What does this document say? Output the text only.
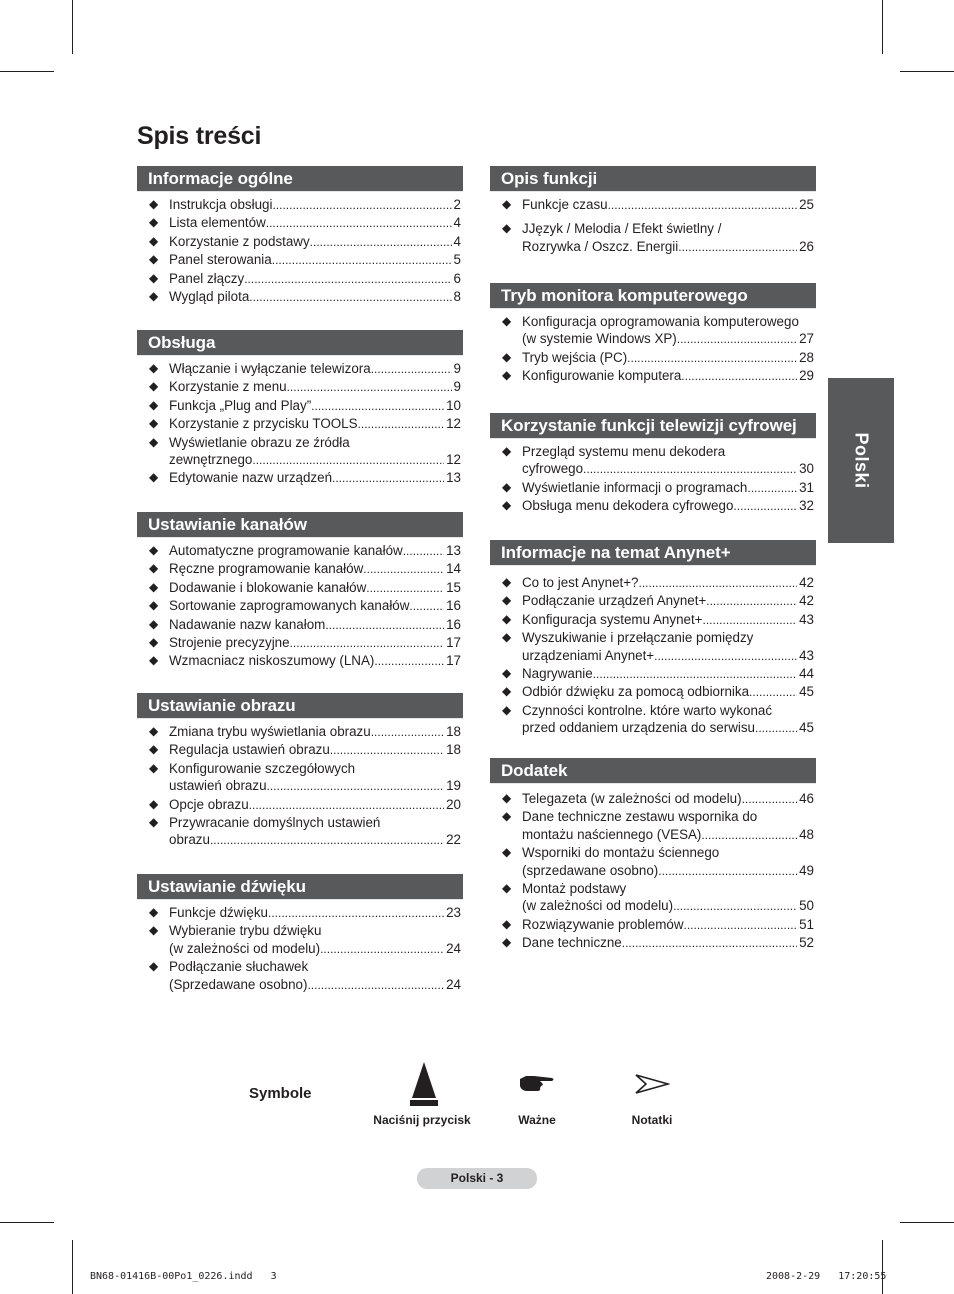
Spis treści
Polski
Informacje ogólne
◆ Instrukcja obsługi .....	2
◆ Lista elementów .....	4
◆ Korzystanie z podstawy .....	4
◆ Panel sterowania .....	5
◆ Panel złączy .....	6
◆ Wygląd pilota .....	8
Obsługa
◆ Włączanie i wyłączanie telewizora .....	9
◆ Korzystanie z menu .....	9
◆ Funkcja „Plug and Play” .....	10
◆ Korzystanie z przycisku TOOLS .....	12
◆ Wyświetlanie obrazu ze źródła
zewnętrznego .....	12
◆ Edytowanie nazw urządzeń .....	13
Ustawianie kanałów
◆ Automatyczne programowanie kanałów .....	13
◆ Ręczne programowanie kanałów .....	14
◆ Dodawanie i blokowanie kanałów .....	15
◆ Sortowanie zaprogramowanych kanałów .....	16
◆ Nadawanie nazw kanałom .....	16
◆ Strojenie precyzyjne .....	17
◆ Wzmacniacz niskoszumowy (LNA) .....	17
Ustawianie obrazu
◆ Zmiana trybu wyświetlania obrazu .....	18
◆ Regulacja ustawień obrazu .....	18
◆ Konfigurowanie szczegółowych
ustawień obrazu .....	19
◆ Opcje obrazu .....	20
◆ Przywracanie domyślnych ustawień
obrazu .....	22
Ustawianie dźwięku
◆ Funkcje dźwięku .....	23
◆ Wybieranie trybu dźwięku
(w zależności od modelu) .....	24
◆ Podłączanie słuchawek
(Sprzedawane osobno) .....	24
Opis funkcji
◆ Funkcje czasu .....	25
◆ JJęzyk / Melodia / Efekt świetlny /
Rozrywka / Oszcz. Energii .....	26
Tryb monitora komputerowego
◆ Konfiguracja oprogramowania komputerowego
(w systemie Windows XP) .....	27
◆ Tryb wejścia (PC) .....	28
◆ Konfigurowanie komputera .....	29
Korzystanie funkcji telewizji cyfrowej
◆ Przegląd systemu menu dekodera
cyfrowego .....	30
◆ Wyświetlanie informacji o programach .....	31
◆ Obsługa menu dekodera cyfrowego .....	32
Informacje na temat Anynet+
◆ Co to jest Anynet+? .....	42
◆ Podłączanie urządzeń Anynet+ .....	42
◆ Konfiguracja systemu Anynet+ .....	43
◆ Wyszukiwanie i przełączanie pomiędzy
urządzeniami Anynet+ .....	43
◆ Nagrywanie .....	44
◆ Odbiór dźwięku za pomocą odbiornika .....	45
◆ Czynności kontrolne. które warto wykonać
przed oddaniem urządzenia do serwisu .....	45
Dodatek
◆ Telegazeta (w zależności od modelu) .....	46
◆ Dane techniczne zestawu wspornika do
montażu naściennego (VESA) .....	48
◆ Wsporniki do montażu ściennego
(sprzedawane osobno) .....	49
◆ Montaż podstawy
(w zależności od modelu) .....	50
◆ Rozwiązywanie problemów .....	51
◆ Dane techniczne .....	52
Symbole
Naciśnij przycisk	Ważne	Notatki
Polski - 3
BN68-01416B-00Po1_0226.indd   3	2008-2-29   17:20:55
